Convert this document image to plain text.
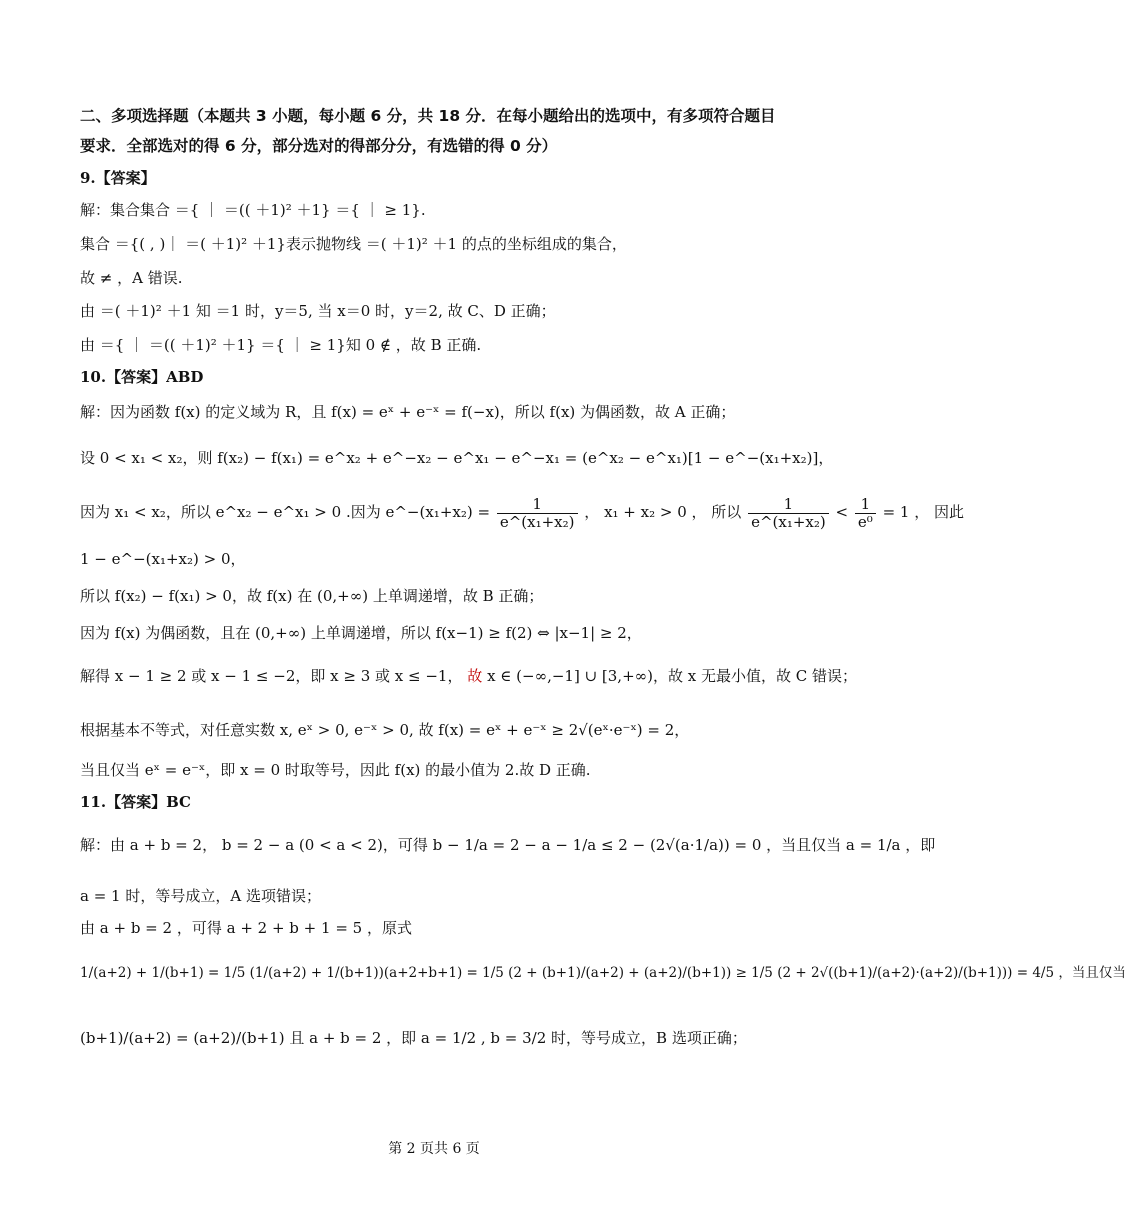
二、多项选择题（本题共 3 小题，每小题 6 分，共 18 分．在每小题给出的选项中，有多项符合题目
要求．全部选对的得 6 分，部分选对的得部分分，有选错的得 0 分）
9.【答案】
解：集合集合 ＝{ ｜ ＝(( ＋1)² ＋1} ＝{ ｜ ≥ 1}.
集合 ＝{( , )｜ ＝( ＋1)² ＋1}表示抛物线 ＝( ＋1)² ＋1 的点的坐标组成的集合，
故 ≠ ，A 错误.
由 ＝( ＋1)² ＋1 知 ＝1 时，y＝5, 当 x＝0 时，y＝2, 故 C、D 正确；
由 ＝{ ｜ ＝(( ＋1)² ＋1} ＝{ ｜ ≥ 1}知 0 ∉ ，故 B 正确.
10.【答案】ABD
解：因为函数 f(x) 的定义域为 R，且 f(x) = eˣ + e⁻ˣ = f(−x)，所以 f(x) 为偶函数，故 A 正确；
设 0 < x₁ < x₂，则 f(x₂) − f(x₁) = e^x₂ + e^−x₂ − e^x₁ − e^−x₁ = (e^x₂ − e^x₁)[1 − e^−(x₁+x₂)]，
因为 x₁ < x₂，所以 e^x₂ − e^x₁ > 0 .因为 e^−(x₁+x₂) = $\frac{1}{\text{e\textasciicircum{}(x₁+x₂)}}$ ， x₁ + x₂ > 0 ， 所以 $\frac{1}{\text{e\textasciicircum{}(x₁+x₂)}} < \frac{1}{\text{e⁰}} = 1$ ， 因此
1 − e^−(x₁+x₂) > 0，
所以 f(x₂) − f(x₁) > 0，故 f(x) 在 (0,+∞) 上单调递增，故 B 正确；
因为 f(x) 为偶函数，且在 (0,+∞) 上单调递增，所以 f(x−1) ≥ f(2) ⇔ |x−1| ≥ 2，
解得 x − 1 ≥ 2 或 x − 1 ≤ −2，即 x ≥ 3 或 x ≤ −1， 故 x ∈ (−∞,−1] ∪ [3,+∞)，故 x 无最小值，故 C 错误；
根据基本不等式，对任意实数 x, eˣ > 0, e⁻ˣ > 0, 故 f(x) = eˣ + e⁻ˣ ≥ 2√(eˣ·e⁻ˣ) = 2，
当且仅当 eˣ = e⁻ˣ，即 x = 0 时取等号，因此 f(x) 的最小值为 2.故 D 正确.
11.【答案】BC
解：由 a + b = 2， b = 2 − a (0 < a < 2)，可得 b − 1/a = 2 − a − 1/a ≤ 2 − (2√(a·1/a)) = 0 ，当且仅当 a = 1/a ，即
a = 1 时，等号成立，A 选项错误；
由 a + b = 2 ，可得 a + 2 + b + 1 = 5 ，原式
1/(a+2) + 1/(b+1) = 1/5 (1/(a+2) + 1/(b+1))(a+2+b+1) = 1/5 (2 + (b+1)/(a+2) + (a+2)/(b+1)) ≥ 1/5 (2 + 2√((b+1)/(a+2)·(a+2)/(b+1))) = 4/5 ，当且仅当
(b+1)/(a+2) = (a+2)/(b+1) 且 a + b = 2 ，即 a = 1/2 , b = 3/2 时，等号成立，B 选项正确；
第 2 页共 6 页
